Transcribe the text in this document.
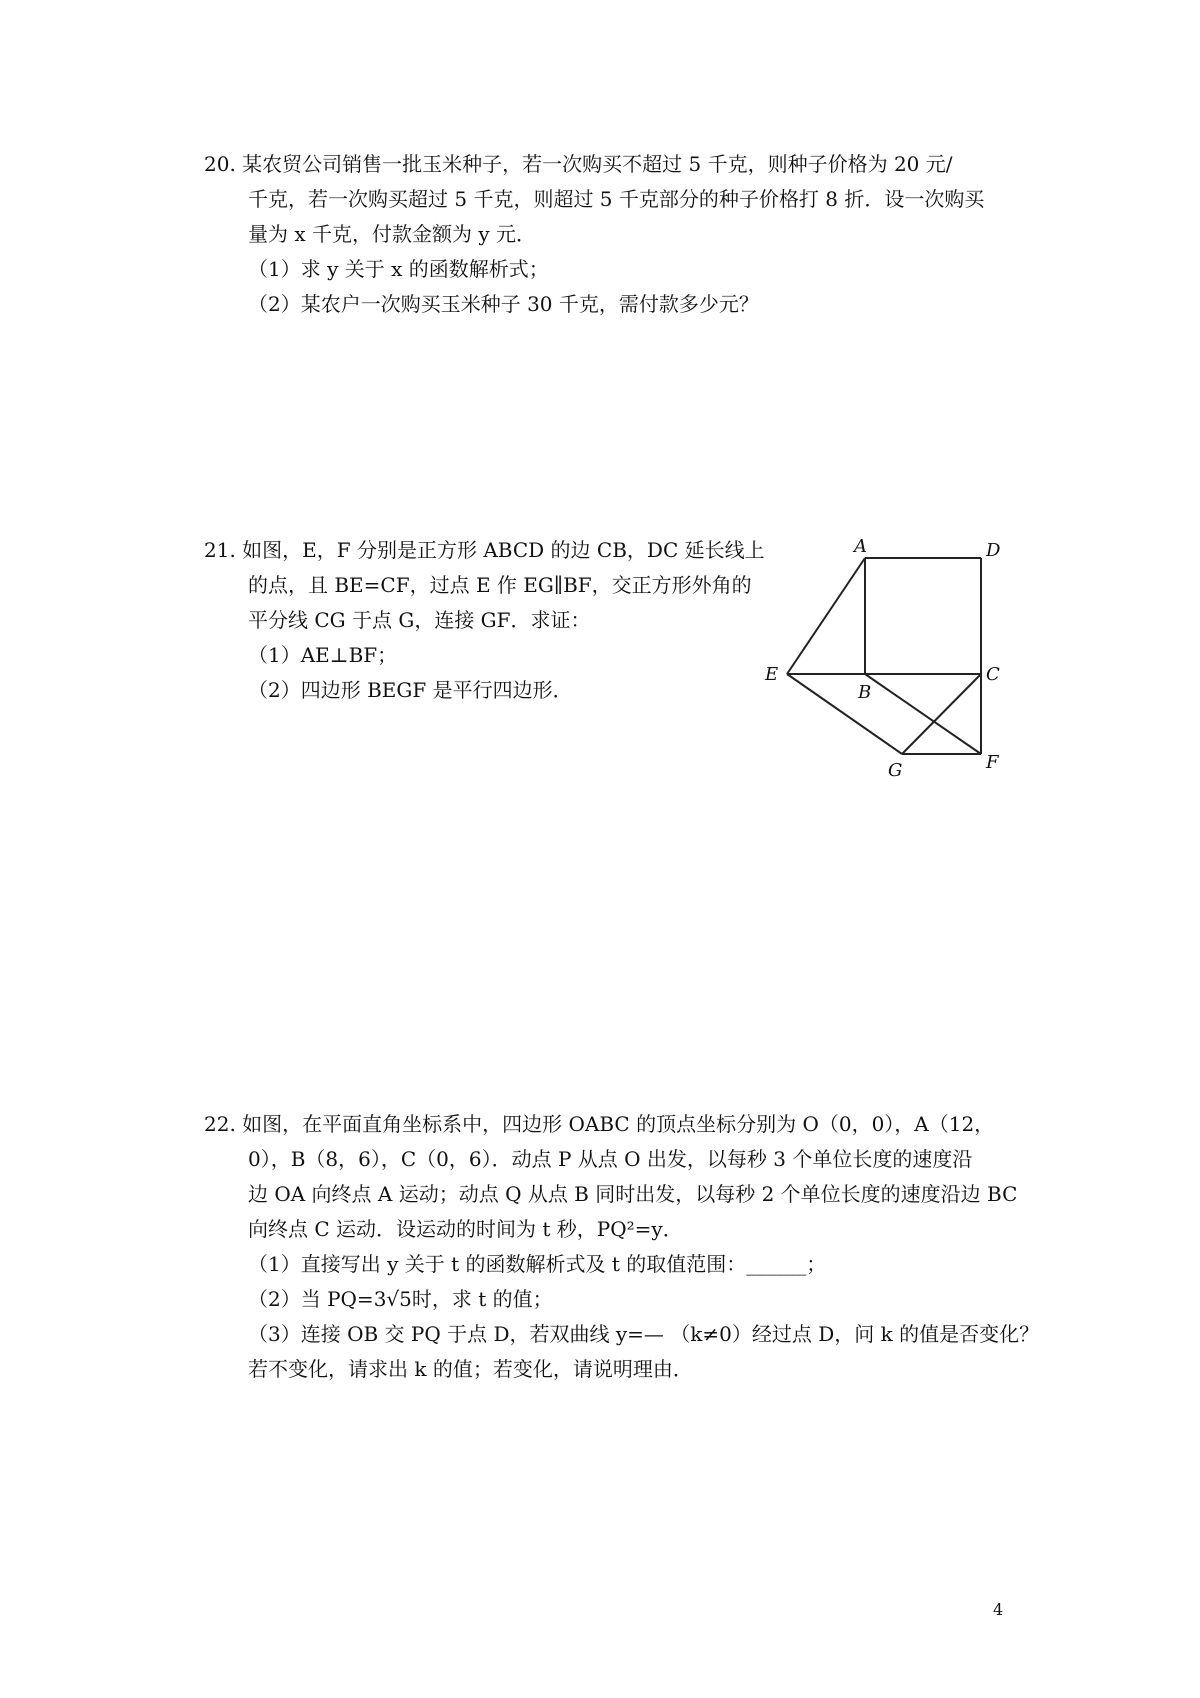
20. 某农贸公司销售一批玉米种子，若一次购买不超过 5 千克，则种子价格为 20 元/
千克，若一次购买超过 5 千克，则超过 5 千克部分的种子价格打 8 折．设一次购买
量为 x 千克，付款金额为 y 元．
（1）求 y 关于 x 的函数解析式；
（2）某农户一次购买玉米种子 30 千克，需付款多少元？
21. 如图，E，F 分别是正方形 ABCD 的边 CB，DC 延长线上
的点，且 BE=CF，过点 E 作 EG∥BF，交正方形外角的
平分线 CG 于点 G，连接 GF．求证：
（1）AE⊥BF；
（2）四边形 BEGF 是平行四边形．
A	D
E
B
C
G	F
22. 如图，在平面直角坐标系中，四边形 OABC 的顶点坐标分别为 O（0，0），A（12，
0），B（8，6），C（0，6）．动点 P 从点 O 出发，以每秒 3 个单位长度的速度沿
边 OA 向终点 A 运动；动点 Q 从点 B 同时出发，以每秒 2 个单位长度的速度沿边 BC
向终点 C 运动．设运动的时间为 t 秒，PQ²=y．
（1）直接写出 y 关于 t 的函数解析式及 t 的取值范围：______；
（2）当 PQ=3√5时，求 t 的值；
（3）连接 OB 交 PQ 于点 D，若双曲线 y=— （k≠0）经过点 D，问 k 的值是否变化？
若不变化，请求出 k 的值；若变化，请说明理由．
4
